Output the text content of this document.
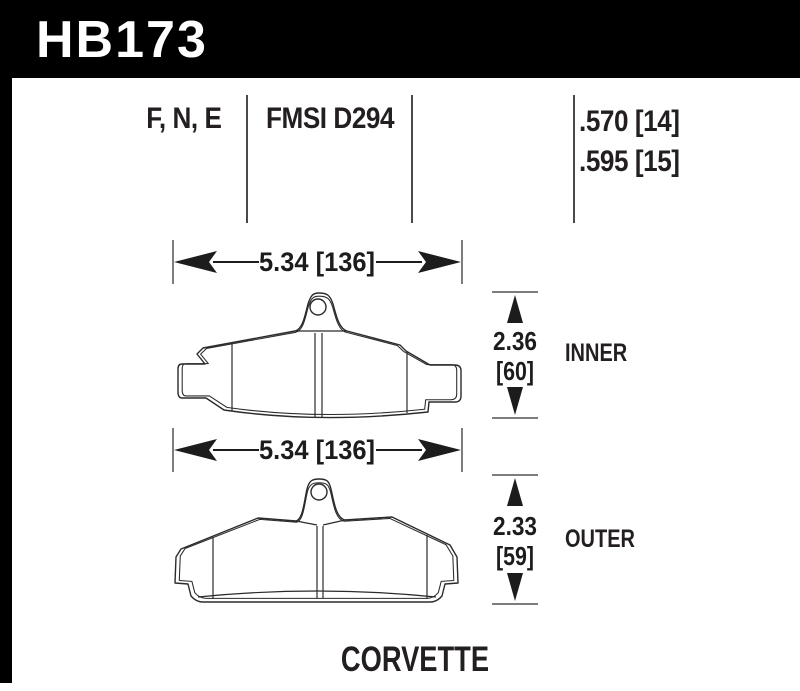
HB173
F, N, E FMSI D294	.570 [14]
.595 [15]
5.34 [136]
2.36
[60]
INNER
5.34 [136]
2.33
[59]
OUTER
CORVETTE
